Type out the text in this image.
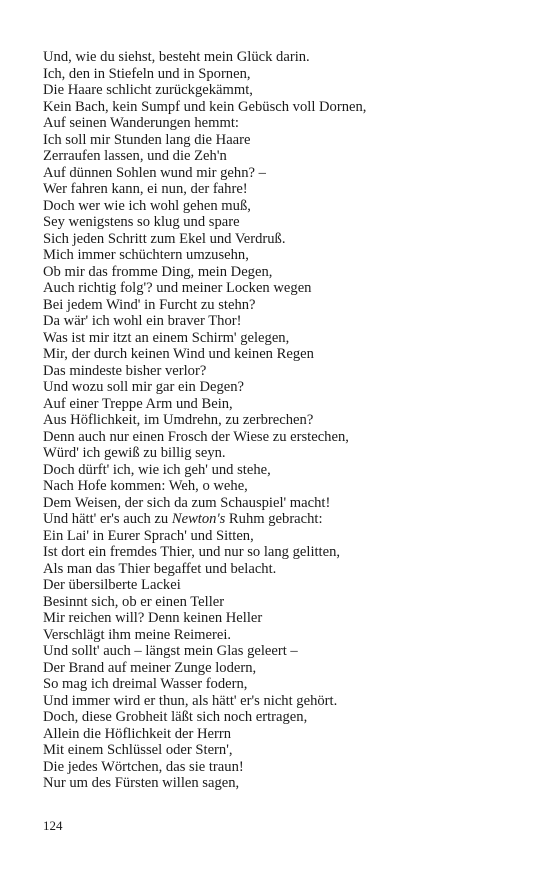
Und, wie du siehst, besteht mein Glück darin.
Ich, den in Stiefeln und in Spornen,
Die Haare schlicht zurückgekämmt,
Kein Bach, kein Sumpf und kein Gebüsch voll Dornen,
Auf seinen Wanderungen hemmt:
Ich soll mir Stunden lang die Haare
Zerraufen lassen, und die Zeh'n
Auf dünnen Sohlen wund mir gehn? –
Wer fahren kann, ei nun, der fahre!
Doch wer wie ich wohl gehen muß,
Sey wenigstens so klug und spare
Sich jeden Schritt zum Ekel und Verdruß.
Mich immer schüchtern umzusehn,
Ob mir das fromme Ding, mein Degen,
Auch richtig folg'? und meiner Locken wegen
Bei jedem Wind' in Furcht zu stehn?
Da wär' ich wohl ein braver Thor!
Was ist mir itzt an einem Schirm' gelegen,
Mir, der durch keinen Wind und keinen Regen
Das mindeste bisher verlor?
Und wozu soll mir gar ein Degen?
Auf einer Treppe Arm und Bein,
Aus Höflichkeit, im Umdrehn, zu zerbrechen?
Denn auch nur einen Frosch der Wiese zu erstechen,
Würd' ich gewiß zu billig seyn.
Doch dürft' ich, wie ich geh' und stehe,
Nach Hofe kommen: Weh, o wehe,
Dem Weisen, der sich da zum Schauspiel' macht!
Und hätt' er's auch zu Newton's Ruhm gebracht:
Ein Lai' in Eurer Sprach' und Sitten,
Ist dort ein fremdes Thier, und nur so lang gelitten,
Als man das Thier begaffet und belacht.
Der übersilberte Lackei
Besinnt sich, ob er einen Teller
Mir reichen will? Denn keinen Heller
Verschlägt ihm meine Reimerei.
Und sollt' auch – längst mein Glas geleert –
Der Brand auf meiner Zunge lodern,
So mag ich dreimal Wasser fodern,
Und immer wird er thun, als hätt' er's nicht gehört.
Doch, diese Grobheit läßt sich noch ertragen,
Allein die Höflichkeit der Herrn
Mit einem Schlüssel oder Stern',
Die jedes Wörtchen, das sie traun!
Nur um des Fürsten willen sagen,
124
